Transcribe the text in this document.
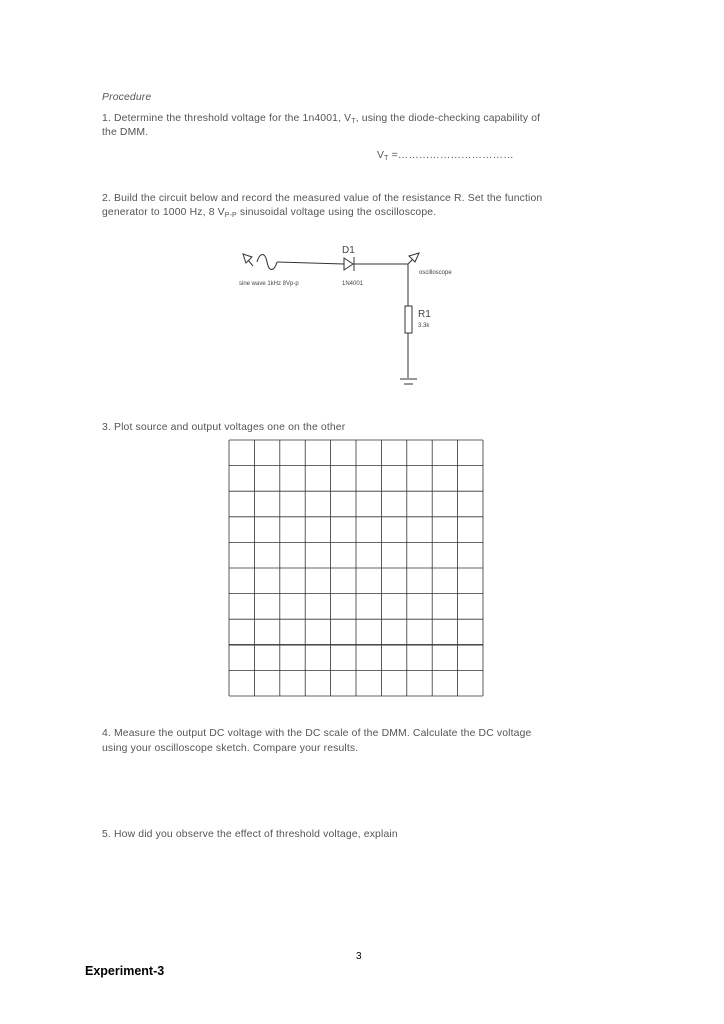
Procedure
1. Determine the threshold voltage for the 1n4001, $V_T$, using the diode-checking capability of
the DMM.
$V_T$ =……………………………
2. Build the circuit below and record the measured value of the resistance R. Set the function
generator to 1000 Hz, 8 $V_{P-P}$ sinusoidal voltage using the oscilloscope.
sine wave 1kHz 8Vp-p
D1
1N4001
oscilloscope
R1
3.3k
3. Plot source and output voltages one on the other
4. Measure the output DC voltage with the DC scale of the DMM. Calculate the DC voltage
using your oscilloscope sketch. Compare your results.
5. How did you observe the effect of threshold voltage, explain
3
Experiment-3
